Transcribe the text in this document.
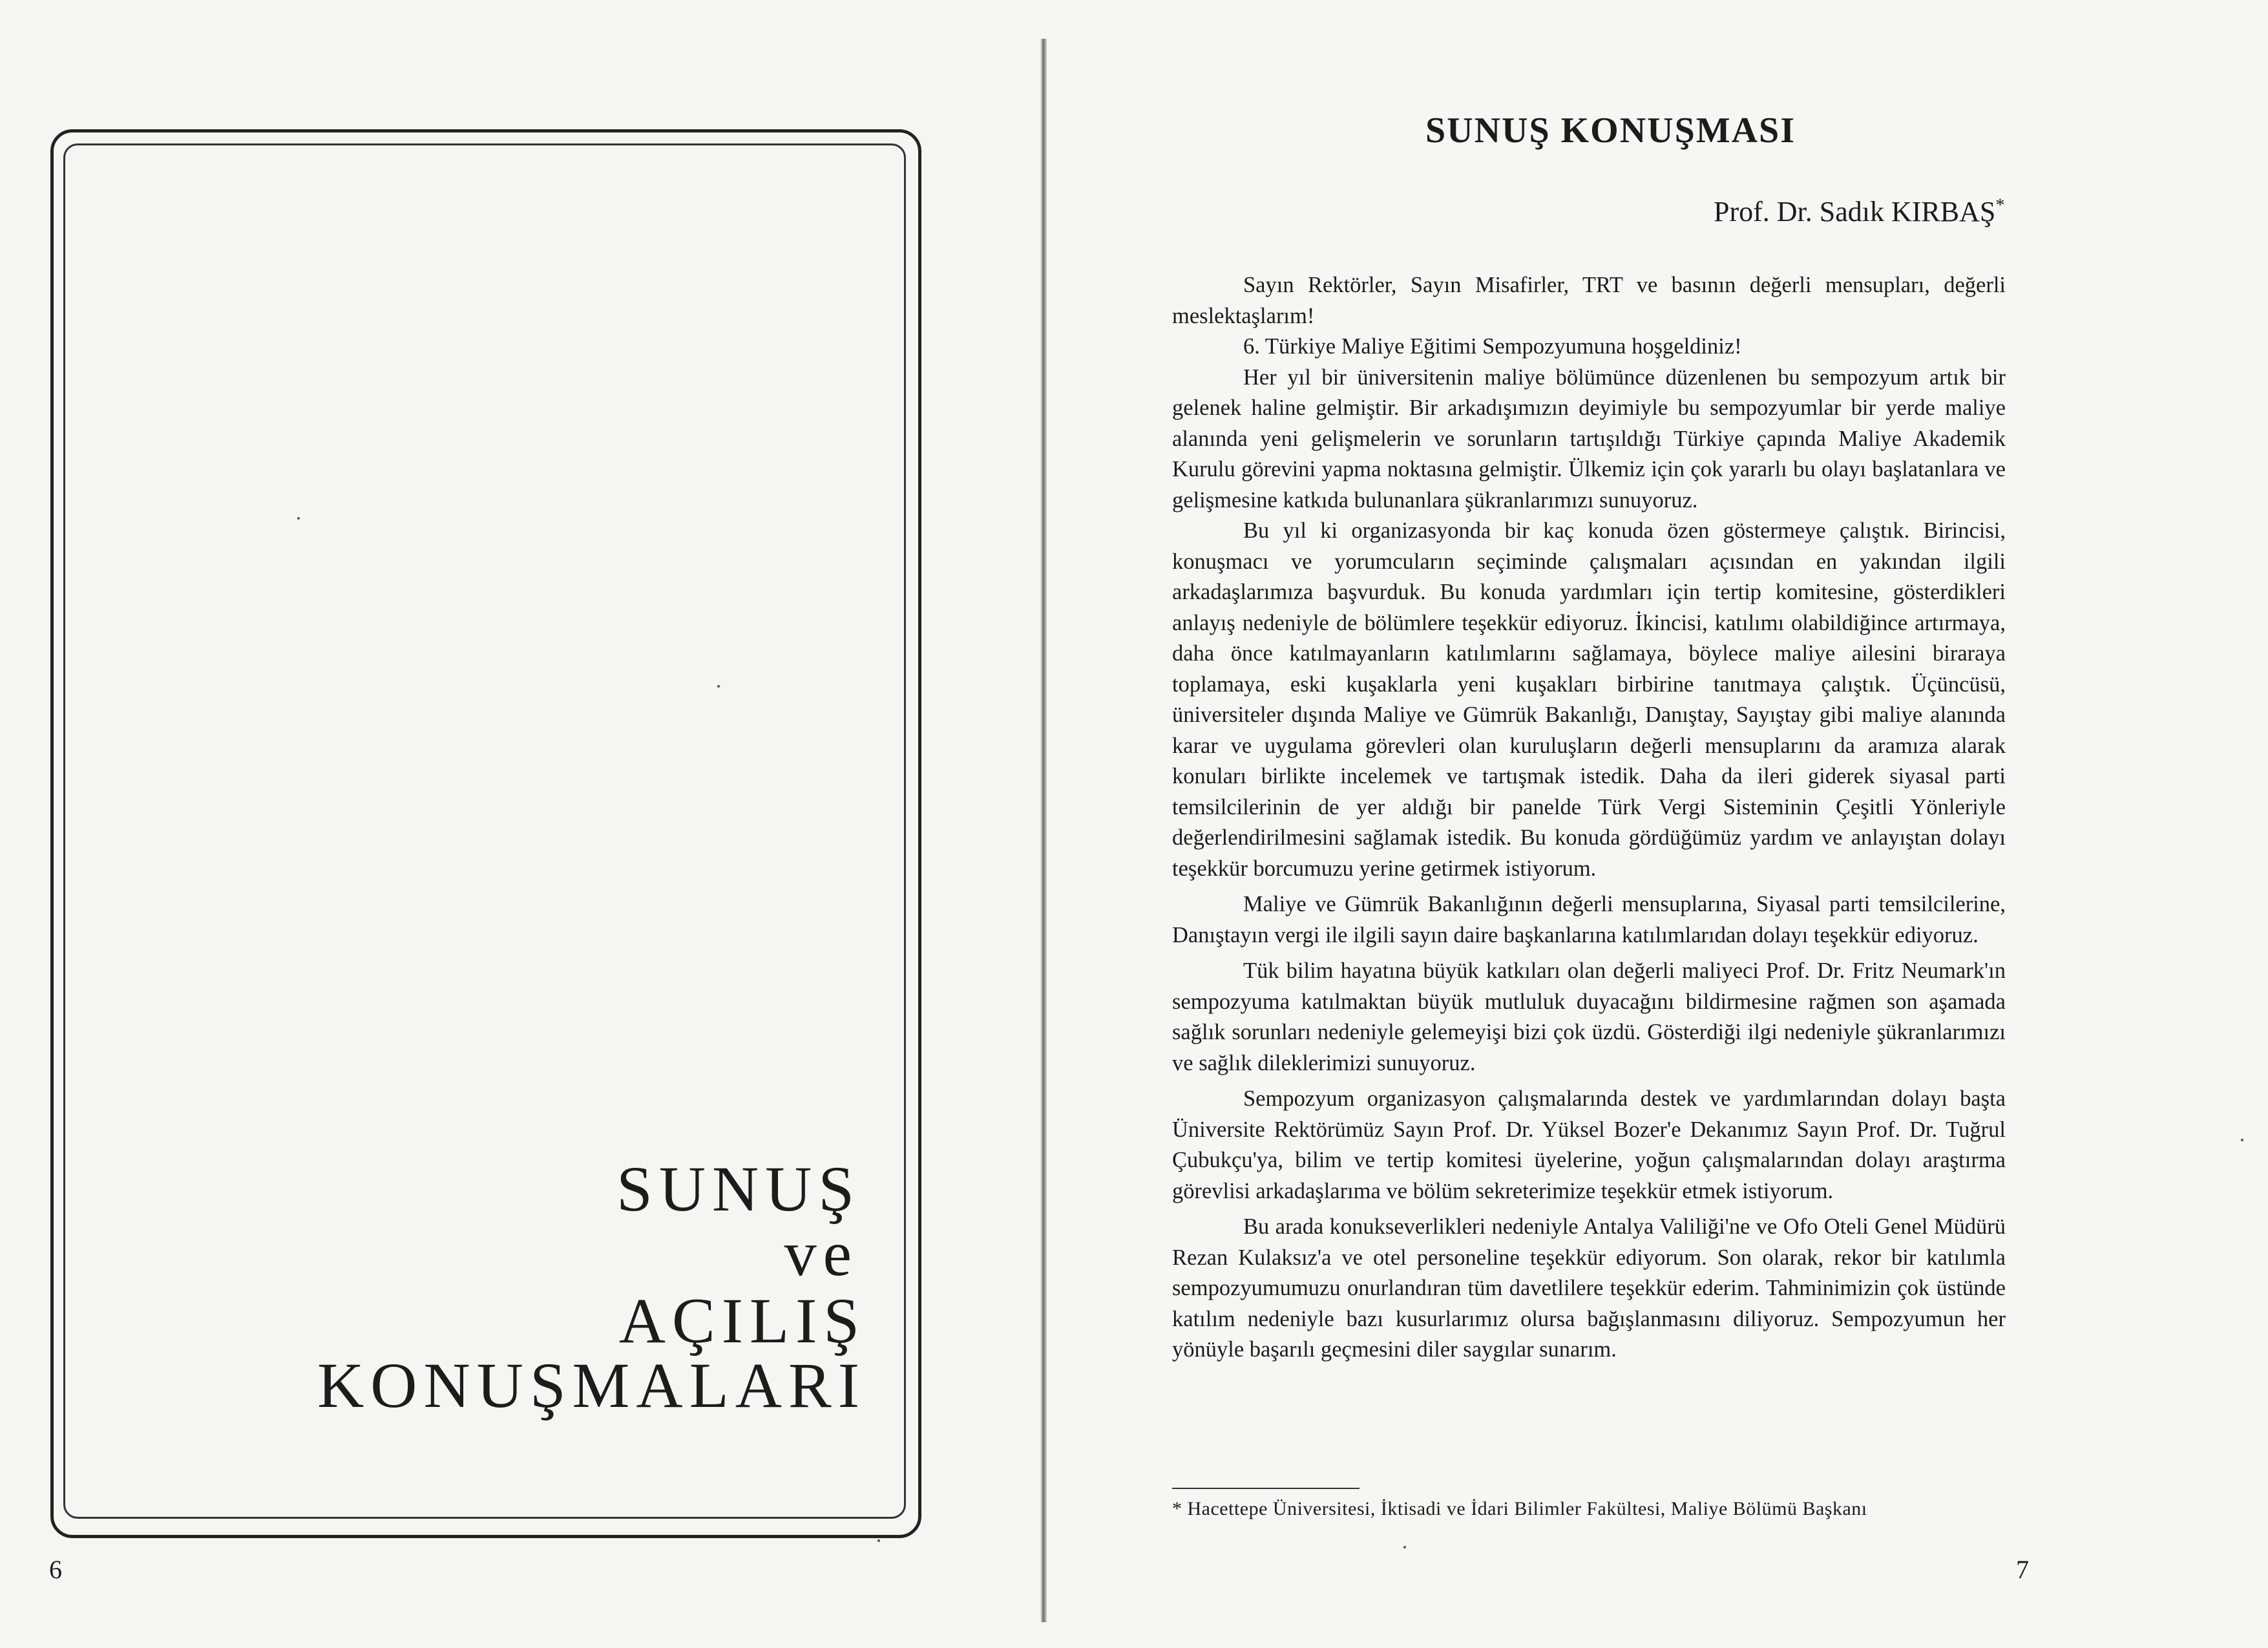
SUNUŞ
ve
AÇILIŞ KONUŞMALARI
6
SUNUŞ KONUŞMASI
Prof. Dr. Sadık KIRBAŞ*

Sayın Rektörler, Sayın Misafirler, TRT ve basının değerli mensupları, değerli meslektaşlarım!

6. Türkiye Maliye Eğitimi Sempozyumuna hoşgeldiniz!

Her yıl bir üniversitenin maliye bölümünce düzenlenen bu sempozyum artık bir gelenek haline gelmiştir. Bir arkadışımızın deyimiyle bu sempozyumlar bir yerde maliye alanında yeni gelişmelerin ve sorunların tartışıldığı Türkiye çapında Maliye Akademik Kurulu görevini yapma noktasına gelmiştir. Ülkemiz için çok yararlı bu olayı başlatanlara ve gelişmesine katkıda bulunanlara şükranlarımızı sunuyoruz.

Bu yıl ki organizasyonda bir kaç konuda özen göstermeye çalıştık. Birincisi, konuşmacı ve yorumcuların seçiminde çalışmaları açısından en yakından ilgili arkadaşlarımıza başvurduk. Bu konuda yardımları için tertip komitesine, gösterdikleri anlayış nedeniyle de bölümlere teşekkür ediyoruz. İkincisi, katılımı olabildiğince artırmaya, daha önce katılmayanların katılımlarını sağlamaya, böylece maliye ailesini biraraya toplamaya, eski kuşaklarla yeni kuşakları birbirine tanıtmaya çalıştık. Üçüncüsü, üniversiteler dışında Maliye ve Gümrük Bakanlığı, Danıştay, Sayıştay gibi maliye alanında karar ve uygulama görevleri olan kuruluşların değerli mensuplarını da aramıza alarak konuları birlikte incelemek ve tartışmak istedik. Daha da ileri giderek siyasal parti temsilcilerinin de yer aldığı bir panelde Türk Vergi Sisteminin Çeşitli Yönleriyle değerlendirilmesini sağlamak istedik. Bu konuda gördüğümüz yardım ve anlayıştan dolayı teşekkür borcumuzu yerine getirmek istiyorum.

Maliye ve Gümrük Bakanlığının değerli mensuplarına, Siyasal parti temsilcilerine, Danıştayın vergi ile ilgili sayın daire başkanlarına katılımlarıdan dolayı teşekkür ediyoruz.

Tük bilim hayatına büyük katkıları olan değerli maliyeci Prof. Dr. Fritz Neumark'ın sempozyuma katılmaktan büyük mutluluk duyacağını bildirmesine rağmen son aşamada sağlık sorunları nedeniyle gelemeyişi bizi çok üzdü. Gösterdiği ilgi nedeniyle şükranlarımızı ve sağlık dileklerimizi sunuyoruz.

Sempozyum organizasyon çalışmalarında destek ve yardımlarından dolayı başta Üniversite Rektörümüz Sayın Prof. Dr. Yüksel Bozer'e Dekanımız Sayın Prof. Dr. Tuğrul Çubukçu'ya, bilim ve tertip komitesi üyelerine, yoğun çalışmalarından dolayı araştırma görevlisi arkadaşlarıma ve bölüm sekreterimize teşekkür etmek istiyorum.

Bu arada konukseverlikleri nedeniyle Antalya Valiliği'ne ve Ofo Oteli Genel Müdürü Rezan Kulaksız'a ve otel personeline teşekkür ediyorum. Son olarak, rekor bir katılımla sempozyumumuzu onurlandıran tüm davetlilere teşekkür ederim. Tahminimizin çok üstünde katılım nedeniyle bazı kusurlarımız olursa bağışlanmasını diliyoruz. Sempozyumun her yönüyle başarılı geçmesini diler saygılar sunarım.

* Hacettepe Üniversitesi, İktisadi ve İdari Bilimler Fakültesi, Maliye Bölümü Başkanı
7
